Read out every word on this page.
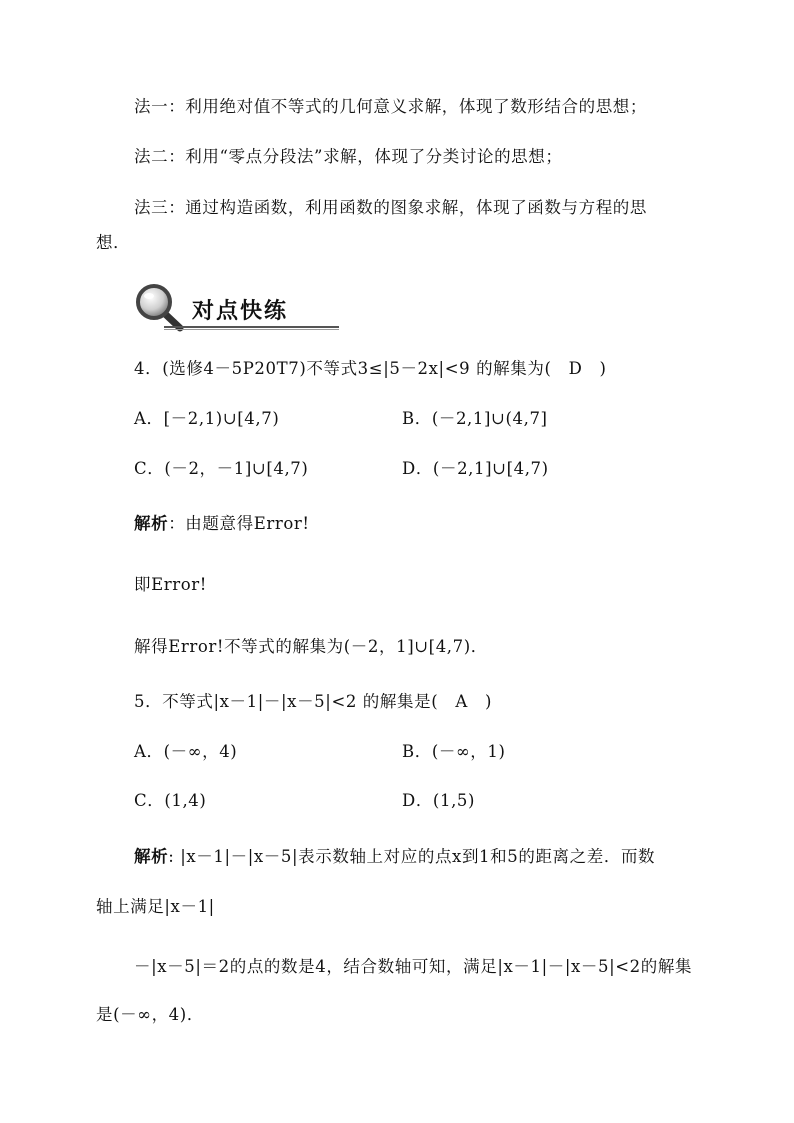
法一：利用绝对值不等式的几何意义求解，体现了数形结合的思想；
法二：利用“零点分段法”求解，体现了分类讨论的思想；
法三：通过构造函数，利用函数的图象求解，体现了函数与方程的思
想．
对点快练
4．(选修4－5P20T7)不等式3≤|5－2x|<9 的解集为(　D　)
A．[－2,1)∪[4,7)	B．(－2,1]∪(4,7]
C．(－2，－1]∪[4,7)	D．(－2,1]∪[4,7)
解析：由题意得Error!
即Error!
解得Error!不等式的解集为(－2，1]∪[4,7)．
5．不等式|x－1|－|x－5|<2 的解集是(　A　)
A．(－∞，4)	B．(－∞，1)
C．(1,4)	D．(1,5)
解析: |x－1|－|x－5|表示数轴上对应的点x到1和5的距离之差．而数
轴上满足|x－1|
－|x－5|＝2的点的数是4，结合数轴可知，满足|x－1|－|x－5|<2的解集
是(－∞，4)．
